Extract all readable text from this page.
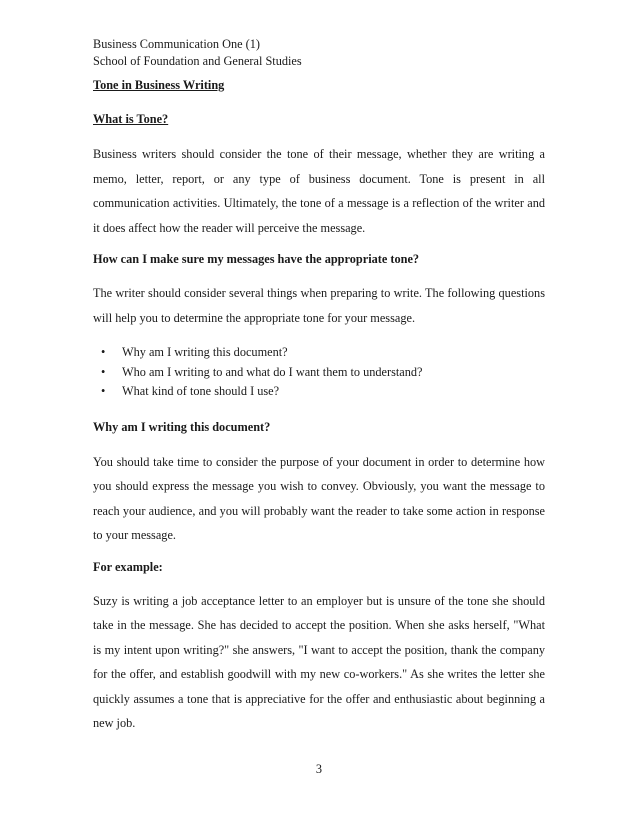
Business Communication One (1)
School of Foundation and General Studies
Tone in Business Writing
What is Tone?

Business writers should consider the tone of their message, whether they are writing a memo, letter, report, or any type of business document. Tone is present in all communication activities. Ultimately, the tone of a message is a reflection of the writer and it does affect how the reader will perceive the message.

How can I make sure my messages have the appropriate tone?

The writer should consider several things when preparing to write. The following questions will help you to determine the appropriate tone for your message.

• Why am I writing this document?
• Who am I writing to and what do I want them to understand?
• What kind of tone should I use?
Why am I writing this document?

You should take time to consider the purpose of your document in order to determine how you should express the message you wish to convey. Obviously, you want the message to reach your audience, and you will probably want the reader to take some action in response to your message.

For example:

Suzy is writing a job acceptance letter to an employer but is unsure of the tone she should take in the message. She has decided to accept the position. When she asks herself, "What is my intent upon writing?" she answers, "I want to accept the position, thank the company for the offer, and establish goodwill with my new co-workers." As she writes the letter she quickly assumes a tone that is appreciative for the offer and enthusiastic about beginning a new job.

3
